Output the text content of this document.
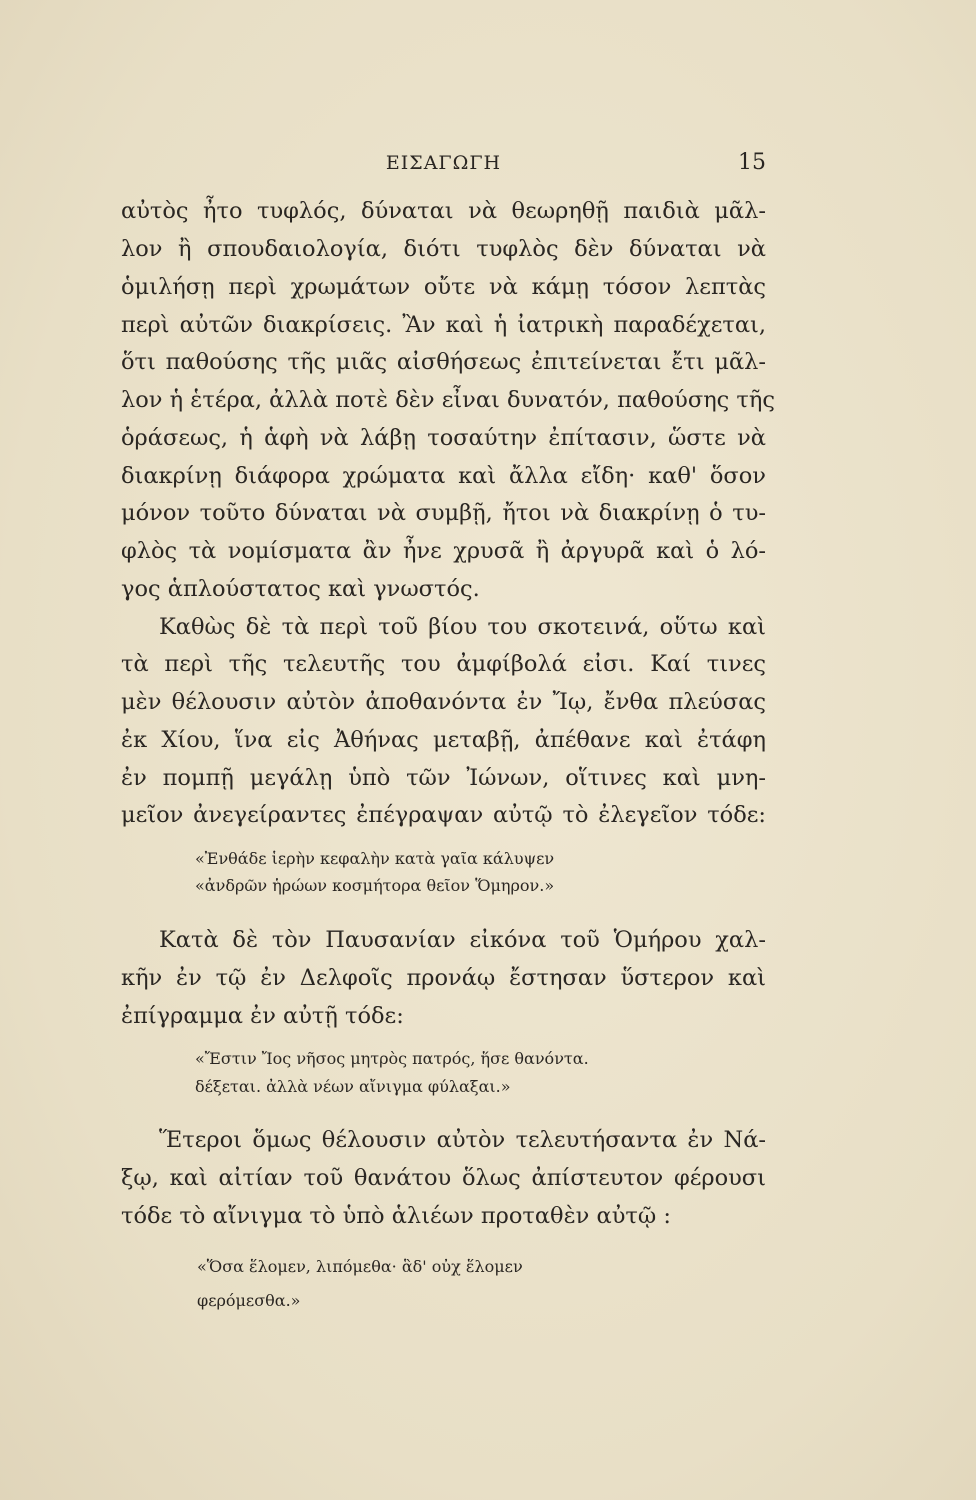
ΕΙΣΑΓΩΓΗ	15
αὐτὸς ἦτο τυφλός, δύναται νὰ θεωρηθῇ παιδιὰ μᾶλ-
λον ἢ σπουδαιολογία, διότι τυφλὸς δὲν δύναται νὰ
ὁμιλήσῃ περὶ χρωμάτων οὔτε νὰ κάμῃ τόσον λεπτὰς
περὶ αὐτῶν διακρίσεις. Ἂν καὶ ἡ ἰατρικὴ παραδέχεται,
ὅτι παθούσης τῆς μιᾶς αἰσθήσεως ἐπιτείνεται ἔτι μᾶλ-
λον ἡ ἑτέρα, ἀλλὰ ποτὲ δὲν εἶναι δυνατόν, παθούσης τῆς
ὁράσεως, ἡ ἁφὴ νὰ λάβῃ τοσαύτην ἐπίτασιν, ὥστε νὰ
διακρίνῃ διάφορα χρώματα καὶ ἄλλα εἴδη· καθ' ὅσον
μόνον τοῦτο δύναται νὰ συμβῇ, ἤτοι νὰ διακρίνῃ ὁ τυ-
φλὸς τὰ νομίσματα ἂν ἦνε χρυσᾶ ἢ ἀργυρᾶ καὶ ὁ λό-
γος ἁπλούστατος καὶ γνωστός.
Καθὼς δὲ τὰ περὶ τοῦ βίου του σκοτεινά, οὕτω καὶ
τὰ περὶ τῆς τελευτῆς του ἀμφίβολά εἰσι. Καί τινες
μὲν θέλουσιν αὐτὸν ἀποθανόντα ἐν Ἴῳ, ἔνθα πλεύσας
ἐκ Χίου, ἵνα εἰς Ἀθήνας μεταβῇ, ἀπέθανε καὶ ἐτάφη
ἐν πομπῇ μεγάλῃ ὑπὸ τῶν Ἰώνων, οἵτινες καὶ μνη-
μεῖον ἀνεγείραντες ἐπέγραψαν αὐτῷ τὸ ἐλεγεῖον τόδε:
«Ἐνθάδε ἱερὴν κεφαλὴν κατὰ γαῖα κάλυψεν
«ἀνδρῶν ἡρώων κοσμήτορα θεῖον Ὅμηρον.»
Κατὰ δὲ τὸν Παυσανίαν εἰκόνα τοῦ Ὁμήρου χαλ-
κῆν ἐν τῷ ἐν Δελφοῖς προνάῳ ἔστησαν ὕστερον καὶ
ἐπίγραμμα ἐν αὐτῇ τόδε:
«Ἔστιν Ἴος νῆσος μητρὸς πατρός, ἥσε θανόντα.
δέξεται. ἀλλὰ νέων αἴνιγμα φύλαξαι.»
Ἕτεροι ὅμως θέλουσιν αὐτὸν τελευτήσαντα ἐν Νά-
ξῳ, καὶ αἰτίαν τοῦ θανάτου ὅλως ἀπίστευτον φέρουσι
τόδε τὸ αἴνιγμα τὸ ὑπὸ ἁλιέων προταθὲν αὐτῷ :
«Ὅσα ἕλομεν, λιπόμεθα· ἃδ' οὐχ ἕλομεν
φερόμεσθα.»
